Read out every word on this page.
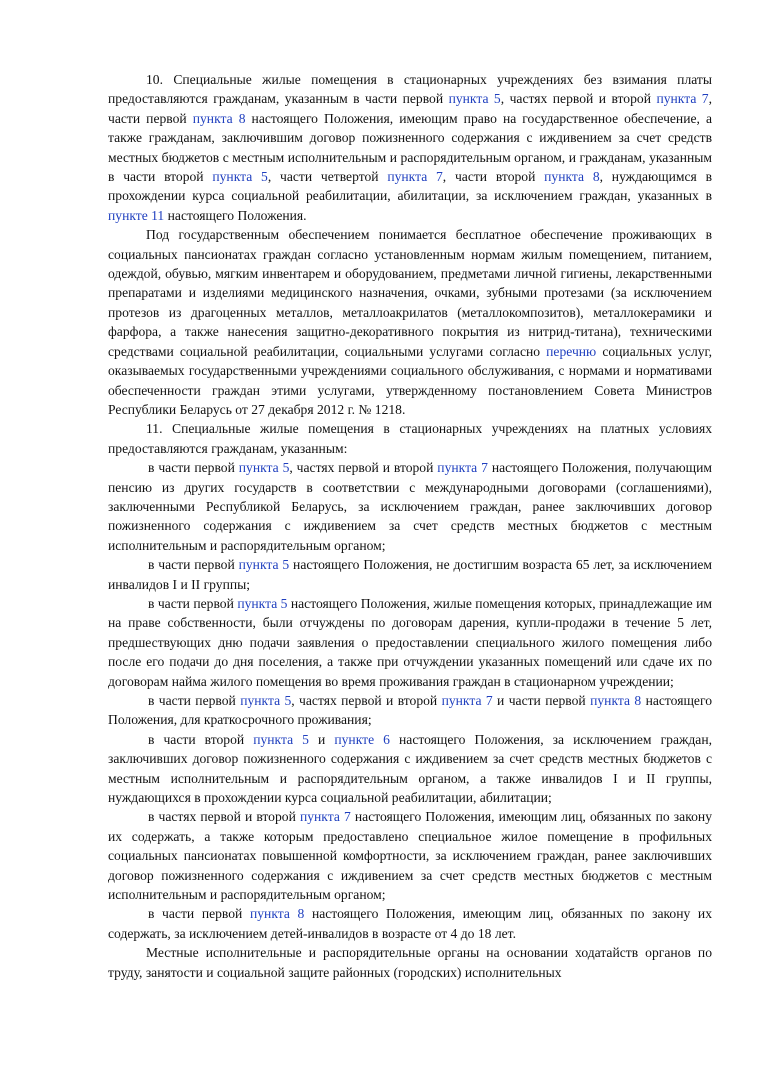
10. Специальные жилые помещения в стационарных учреждениях без взимания платы предоставляются гражданам, указанным в части первой пункта 5, частях первой и второй пункта 7, части первой пункта 8 настоящего Положения, имеющим право на государственное обеспечение, а также гражданам, заключившим договор пожизненного содержания с иждивением за счет средств местных бюджетов с местным исполнительным и распорядительным органом, и гражданам, указанным в части второй пункта 5, части четвертой пункта 7, части второй пункта 8, нуждающимся в прохождении курса социальной реабилитации, абилитации, за исключением граждан, указанных в пункте 11 настоящего Положения.

Под государственным обеспечением понимается бесплатное обеспечение проживающих в социальных пансионатах граждан согласно установленным нормам жилым помещением, питанием, одеждой, обувью, мягким инвентарем и оборудованием, предметами личной гигиены, лекарственными препаратами и изделиями медицинского назначения, очками, зубными протезами (за исключением протезов из драгоценных металлов, металлоакрилатов (металлокомпозитов), металлокерамики и фарфора, а также нанесения защитно-декоративного покрытия из нитрид-титана), техническими средствами социальной реабилитации, социальными услугами согласно перечню социальных услуг, оказываемых государственными учреждениями социального обслуживания, с нормами и нормативами обеспеченности граждан этими услугами, утвержденному постановлением Совета Министров Республики Беларусь от 27 декабря 2012 г. № 1218.

11. Специальные жилые помещения в стационарных учреждениях на платных условиях предоставляются гражданам, указанным:

в части первой пункта 5, частях первой и второй пункта 7 настоящего Положения, получающим пенсию из других государств в соответствии с международными договорами (соглашениями), заключенными Республикой Беларусь, за исключением граждан, ранее заключивших договор пожизненного содержания с иждивением за счет средств местных бюджетов с местным исполнительным и распорядительным органом;

в части первой пункта 5 настоящего Положения, не достигшим возраста 65 лет, за исключением инвалидов I и II группы;

в части первой пункта 5 настоящего Положения, жилые помещения которых, принадлежащие им на праве собственности, были отчуждены по договорам дарения, купли-продажи в течение 5 лет, предшествующих дню подачи заявления о предоставлении специального жилого помещения либо после его подачи до дня поселения, а также при отчуждении указанных помещений или сдаче их по договорам найма жилого помещения во время проживания граждан в стационарном учреждении;

в части первой пункта 5, частях первой и второй пункта 7 и части первой пункта 8 настоящего Положения, для краткосрочного проживания;

в части второй пункта 5 и пункте 6 настоящего Положения, за исключением граждан, заключивших договор пожизненного содержания с иждивением за счет средств местных бюджетов с местным исполнительным и распорядительным органом, а также инвалидов I и II группы, нуждающихся в прохождении курса социальной реабилитации, абилитации;

в частях первой и второй пункта 7 настоящего Положения, имеющим лиц, обязанных по закону их содержать, а также которым предоставлено специальное жилое помещение в профильных социальных пансионатах повышенной комфортности, за исключением граждан, ранее заключивших договор пожизненного содержания с иждивением за счет средств местных бюджетов с местным исполнительным и распорядительным органом;

в части первой пункта 8 настоящего Положения, имеющим лиц, обязанных по закону их содержать, за исключением детей-инвалидов в возрасте от 4 до 18 лет.

Местные исполнительные и распорядительные органы на основании ходатайств органов по труду, занятости и социальной защите районных (городских) исполнительных
